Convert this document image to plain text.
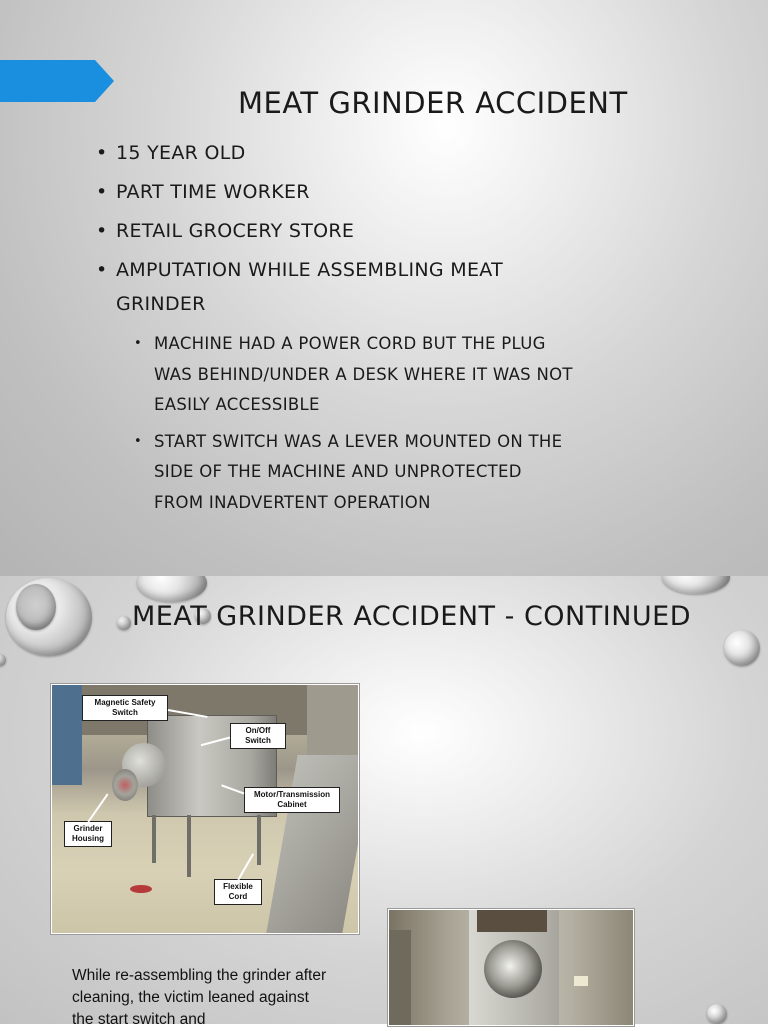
MEAT GRINDER ACCIDENT
• 15 YEAR OLD
• PART TIME WORKER
• RETAIL GROCERY STORE
• AMPUTATION WHILE ASSEMBLING MEAT GRINDER
• MACHINE HAD A POWER CORD BUT THE PLUG WAS BEHIND/UNDER A DESK WHERE IT WAS NOT EASILY ACCESSIBLE
• START SWITCH WAS A LEVER MOUNTED ON THE SIDE OF THE MACHINE AND UNPROTECTED FROM INADVERTENT OPERATION
MEAT GRINDER ACCIDENT - CONTINUED
Magnetic Safety Switch
On/Off Switch
Motor/Transmission Cabinet
Grinder Housing
Flexible Cord

While re-assembling the grinder after cleaning, the victim leaned against the start switch and
